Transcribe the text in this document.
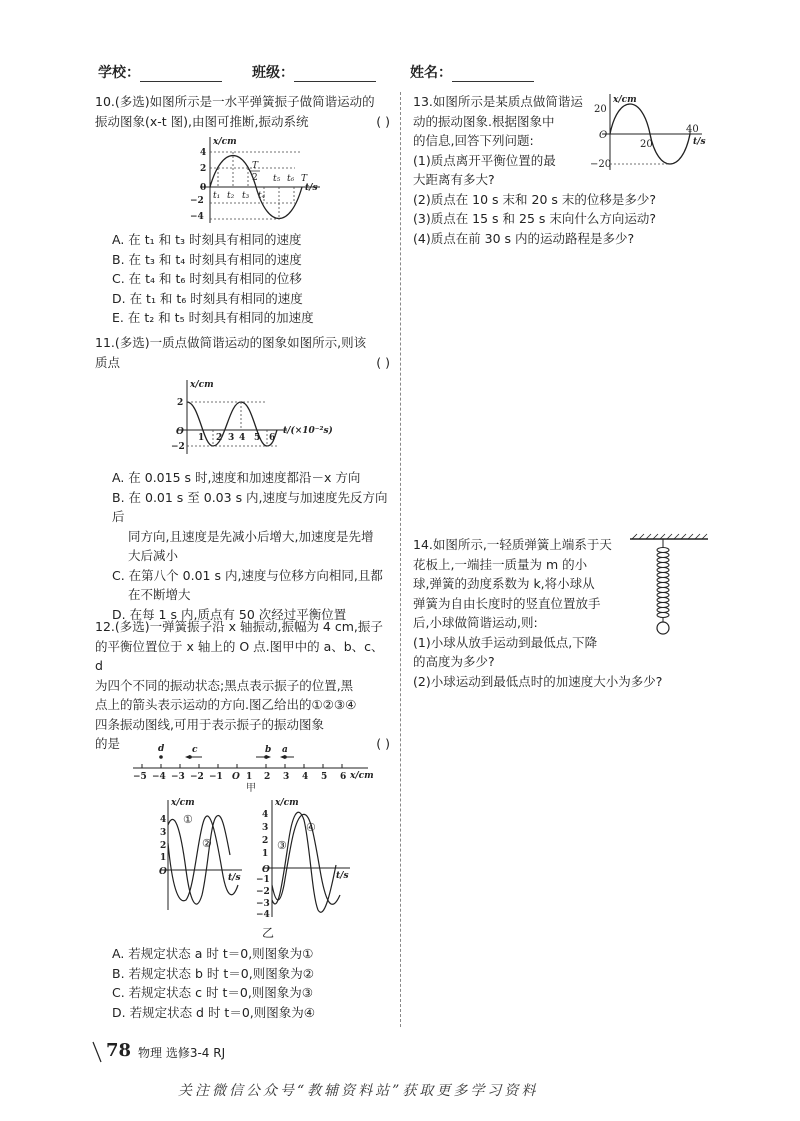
学校：	班级：	姓名：

10.(多选)如图所示是一水平弹簧振子做简谐运动的

振动图象(x-t 图),由图可推断,振动系统	( )

x/cm
t/s
4
2
0
−2
−4
t₁ t₂ t₃ t₄
t₅ t₆ T
T
2

A. 在 t₁ 和 t₃ 时刻具有相同的速度

B. 在 t₃ 和 t₄ 时刻具有相同的速度

C. 在 t₄ 和 t₆ 时刻具有相同的位移

D. 在 t₁ 和 t₆ 时刻具有相同的速度

E. 在 t₂ 和 t₅ 时刻具有相同的加速度

11.(多选)一质点做简谐运动的图象如图所示,则该

质点	( )

x/cm
t/(×10⁻²s)
2
O
−2
1 2 3 4 5 6

A. 在 0.015 s 时,速度和加速度都沿－x 方向

B. 在 0.01 s 至 0.03 s 内,速度与加速度先反方向后

同方向,且速度是先减小后增大,加速度是先增

大后减小

C. 在第八个 0.01 s 内,速度与位移方向相同,且都

在不断增大

D. 在每 1 s 内,质点有 50 次经过平衡位置

12.(多选)一弹簧振子沿 x 轴振动,振幅为 4 cm,振子

的平衡位置位于 x 轴上的 O 点.图甲中的 a、b、c、d

为四个不同的振动状态;黑点表示振子的位置,黑

点上的箭头表示运动的方向.图乙给出的①②③④

四条振动图线,可用于表示振子的振动图象

的是	( )

−5 −4 −3 −2 −1 O 1 2 3 4 5 6 x/cm
甲
d	c	b a
x/cm
t/s
4
3
2
1
O
①
②
x/cm
t/s
4
3
2
1
O
−1
−2
−3
−4
③
④
乙

A. 若规定状态 a 时 t＝0,则图象为①

B. 若规定状态 b 时 t＝0,则图象为②

C. 若规定状态 c 时 t＝0,则图象为③

D. 若规定状态 d 时 t＝0,则图象为④

13.如图所示是某质点做简谐运

动的振动图象.根据图象中

的信息,回答下列问题:

(1)质点离开平衡位置的最

大距离有多大?

(2)质点在 10 s 末和 20 s 末的位移是多少?

(3)质点在 15 s 和 25 s 末向什么方向运动?

(4)质点在前 30 s 内的运动路程是多少?

x/cm
t/s
20
O
−20
20
40

14.如图所示,一轻质弹簧上端系于天

花板上,一端挂一质量为 m 的小

球,弹簧的劲度系数为 k,将小球从

弹簧为自由长度时的竖直位置放手

后,小球做简谐运动,则:

(1)小球从放手运动到最低点,下降

的高度为多少?

(2)小球运动到最低点时的加速度大小为多少?

78 物理 选修3-4 RJ
关注微信公众号“教辅资料站”获取更多学习资料
